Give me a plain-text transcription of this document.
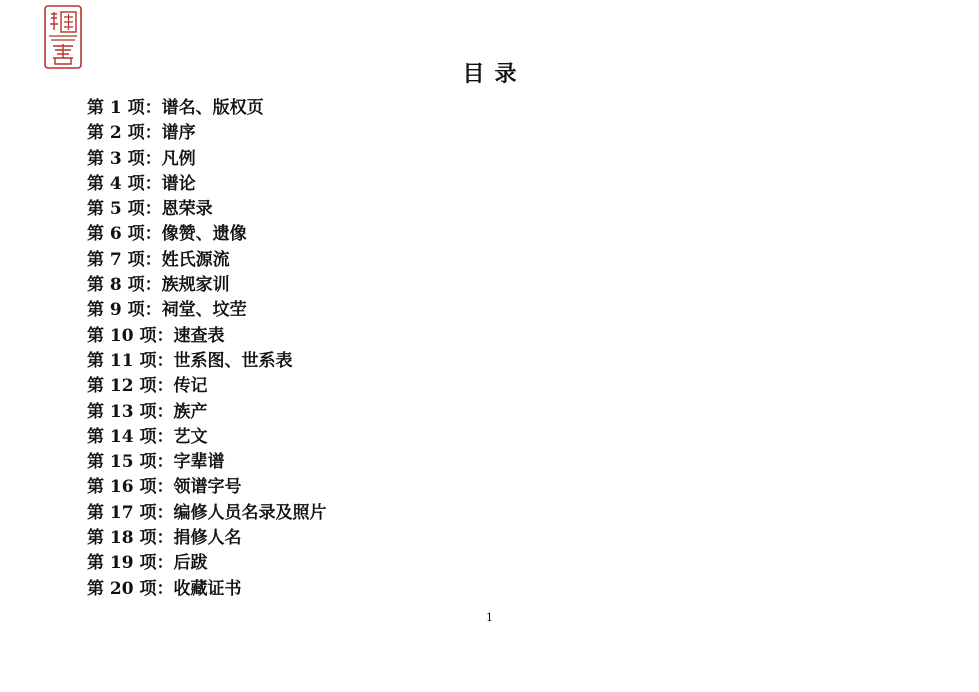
目录
第 1 项：谱名、版权页
第 2 项：谱序
第 3 项：凡例
第 4 项：谱论
第 5 项：恩荣录
第 6 项：像赞、遗像
第 7 项：姓氏源流
第 8 项：族规家训
第 9 项：祠堂、坟茔
第 10 项：速查表
第 11 项：世系图、世系表
第 12 项：传记
第 13 项：族产
第 14 项：艺文
第 15 项：字辈谱
第 16 项：领谱字号
第 17 项：编修人员名录及照片
第 18 项：捐修人名
第 19 项：后跋
第 20 项：收藏证书
1
